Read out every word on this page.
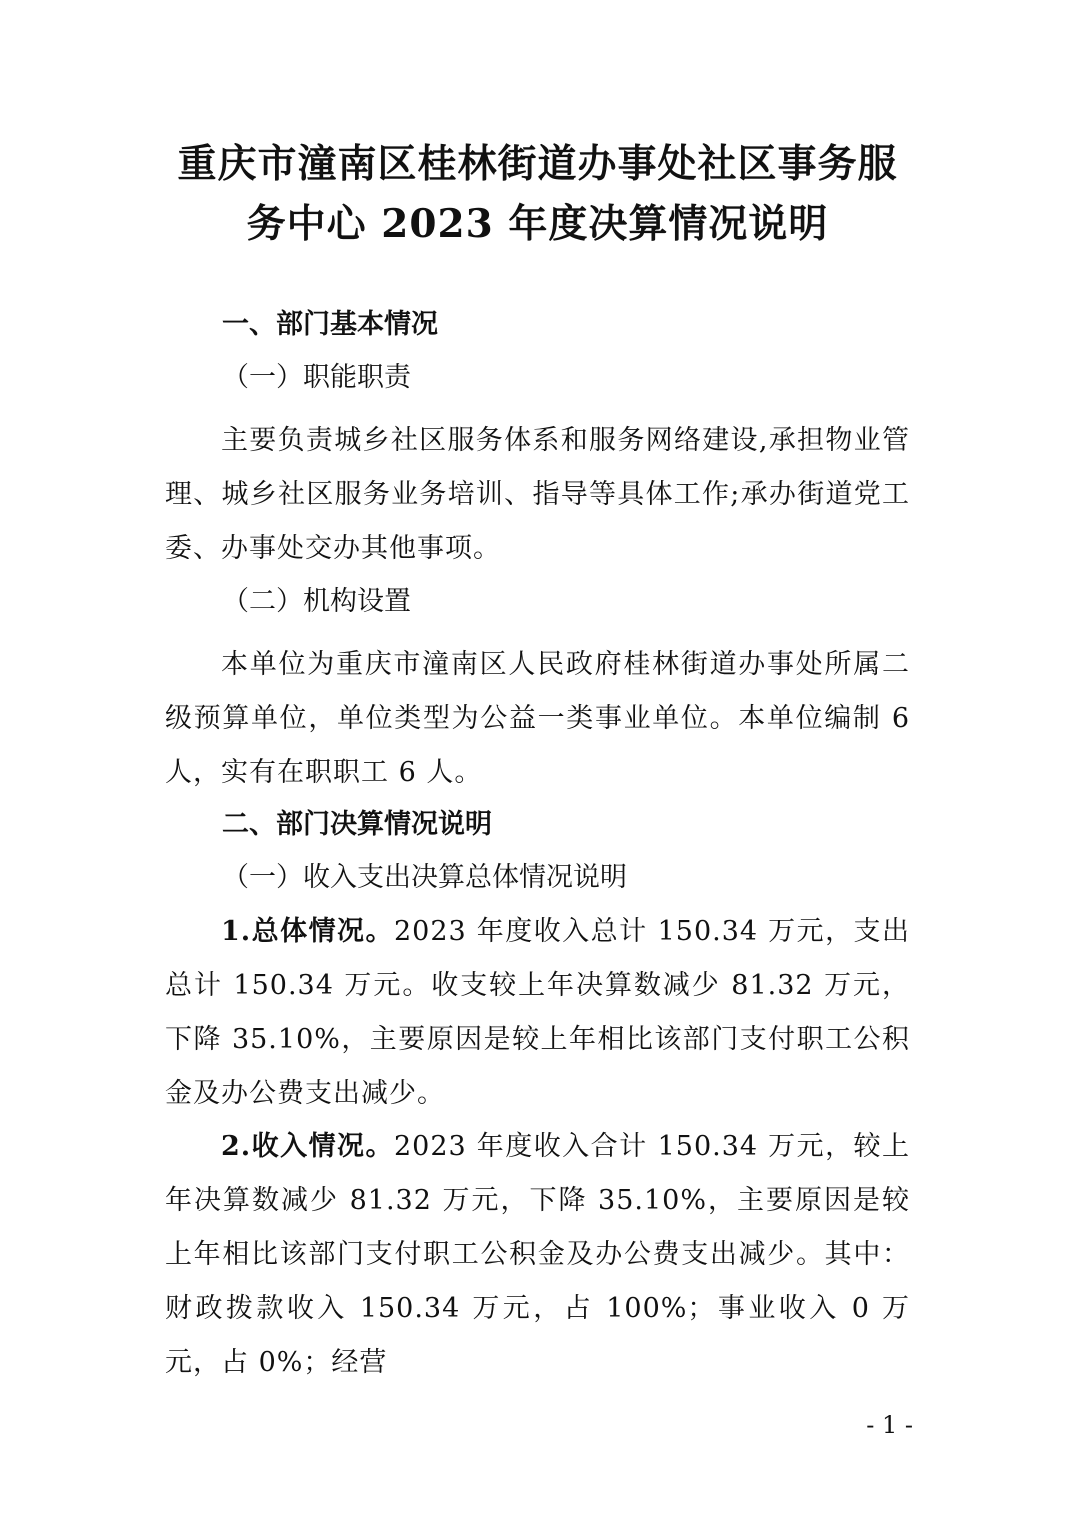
重庆市潼南区桂林街道办事处社区事务服
务中心 2023 年度决算情况说明
一、部门基本情况
（一）职能职责
主要负责城乡社区服务体系和服务网络建设,承担物业管理、城乡社区服务业务培训、指导等具体工作;承办街道党工委、办事处交办其他事项。
（二）机构设置
本单位为重庆市潼南区人民政府桂林街道办事处所属二级预算单位，单位类型为公益一类事业单位。本单位编制 6 人，实有在职职工 6 人。
二、部门决算情况说明
（一）收入支出决算总体情况说明
1.总体情况。2023 年度收入总计 150.34 万元，支出总计 150.34 万元。收支较上年决算数减少 81.32 万元，下降 35.10%，主要原因是较上年相比该部门支付职工公积金及办公费支出减少。
2.收入情况。2023 年度收入合计 150.34 万元，较上年决算数减少 81.32 万元，下降 35.10%，主要原因是较上年相比该部门支付职工公积金及办公费支出减少。其中：财政拨款收入 150.34 万元，占 100%；事业收入 0 万元，占 0%；经营
- 1 -
